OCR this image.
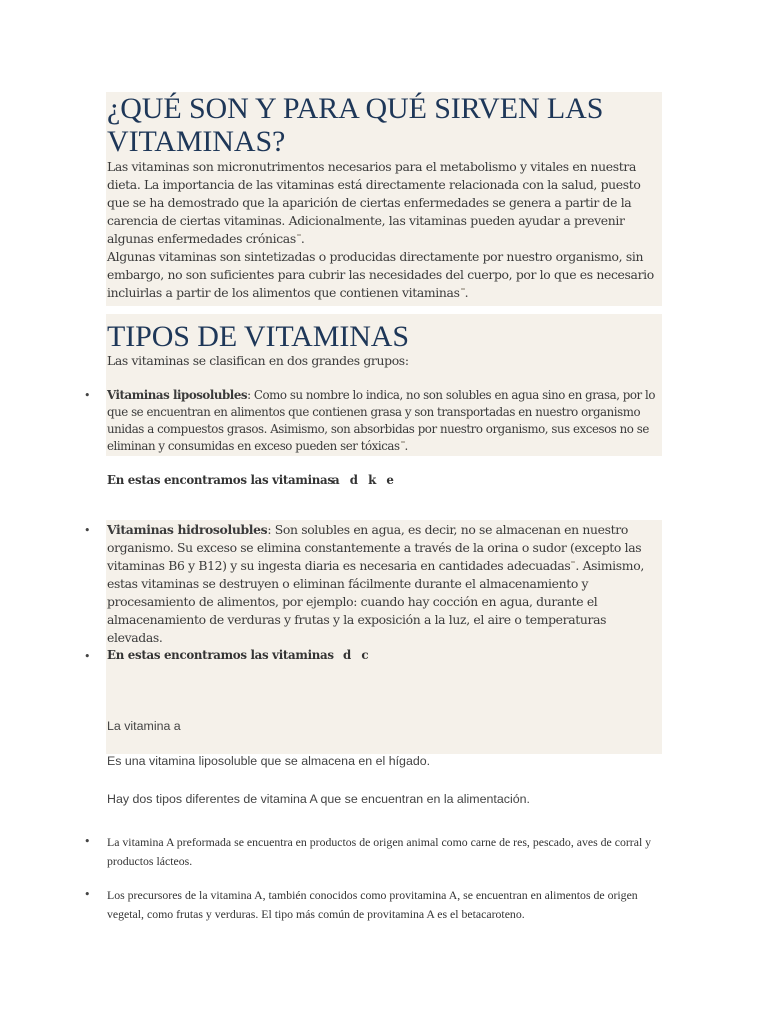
¿QUÉ SON Y PARA QUÉ SIRVEN LAS VITAMINAS?

Las vitaminas son micronutrimentos necesarios para el metabolismo y vitales en nuestra dieta. La importancia de las vitaminas está directamente relacionada con la salud, puesto que se ha demostrado que la aparición de ciertas enfermedades se genera a partir de la carencia de ciertas vitaminas. Adicionalmente, las vitaminas pueden ayudar a prevenir algunas enfermedades crónicas .

Algunas vitaminas son sintetizadas o producidas directamente por nuestro organismo, sin embargo, no son suficientes para cubrir las necesidades del cuerpo, por lo que es necesario incluirlas a partir de los alimentos que contienen vitaminas .

TIPOS DE VITAMINAS

Las vitaminas se clasifican en dos grandes grupos:

• Vitaminas liposolubles: Como su nombre lo indica, no son solubles en agua sino en grasa, por lo que se encuentran en alimentos que contienen grasa y son transportadas en nuestro organismo unidas a compuestos grasos. Asimismo, son absorbidas por nuestro organismo, sus excesos no se eliminan y consumidas en exceso pueden ser tóxicas .

En estas encontramos las vitaminas

a d k e
• Vitaminas hidrosolubles: Son solubles en agua, es decir, no se almacenan en nuestro organismo. Su exceso se elimina constantemente a través de la orina o sudor (excepto las vitaminas B6 y B12) y su ingesta diaria es necesaria en cantidades adecuadas . Asimismo, estas vitaminas se destruyen o eliminan fácilmente durante el almacenamiento y procesamiento de alimentos, por ejemplo: cuando hay cocción en agua, durante el almacenamiento de verduras y frutas y la exposición a la luz, el aire o temperaturas elevadas.

• En estas encontramos las vitaminas d c

La vitamina a

Es una vitamina liposoluble que se almacena en el hígado.

Hay dos tipos diferentes de vitamina A que se encuentran en la alimentación.

• La vitamina A preformada se encuentra en productos de origen animal como carne de res, pescado, aves de corral y productos lácteos.

• Los precursores de la vitamina A, también conocidos como provitamina A, se encuentran en alimentos de origen vegetal, como frutas y verduras. El tipo más común de provitamina A es el betacaroteno.
